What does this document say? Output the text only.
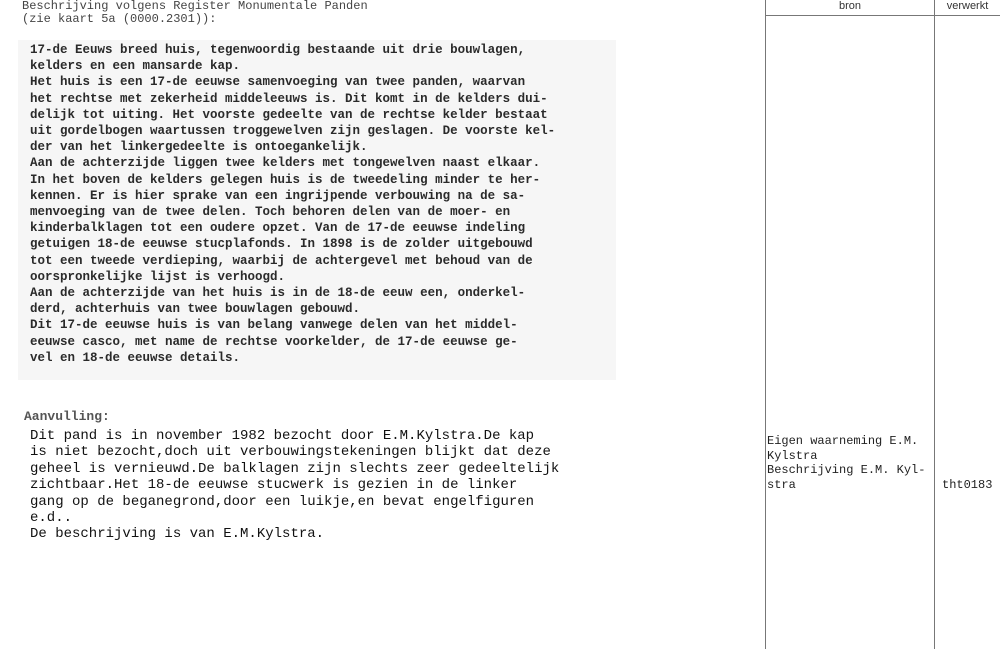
Beschrijving volgens Register Monumentale Panden
(zie kaart 5a (0000.2301)):
17-de Eeuws breed huis, tegenwoordig bestaande uit drie bouwlagen,
kelders en een mansarde kap.
Het huis is een 17-de eeuwse samenvoeging van twee panden, waarvan
het rechtse met zekerheid middeleeuws is. Dit komt in de kelders dui-
delijk tot uiting. Het voorste gedeelte van de rechtse kelder bestaat
uit gordelbogen waartussen troggewelven zijn geslagen. De voorste kel-
der van het linkergedeelte is ontoegankelijk.
Aan de achterzijde liggen twee kelders met tongewelven naast elkaar.
In het boven de kelders gelegen huis is de tweedeling minder te her-
kennen. Er is hier sprake van een ingrijpende verbouwing na de sa-
menvoeging van de twee delen. Toch behoren delen van de moer- en
kinderbalklagen tot een oudere opzet. Van de 17-de eeuwse indeling
getuigen 18-de eeuwse stucplafonds. In 1898 is de zolder uitgebouwd
tot een tweede verdieping, waarbij de achtergevel met behoud van de
oorspronkelijke lijst is verhoogd.
Aan de achterzijde van het huis is in de 18-de eeuw een, onderkel-
derd, achterhuis van twee bouwlagen gebouwd.
Dit 17-de eeuwse huis is van belang vanwege delen van het middel-
eeuwse casco, met name de rechtse voorkelder, de 17-de eeuwse ge-
vel en 18-de eeuwse details.
Aanvulling:
Dit pand is in november 1982 bezocht door E.M.Kylstra.De kap
is niet bezocht,doch uit verbouwingstekeningen blijkt dat deze
geheel is vernieuwd.De balklagen zijn slechts zeer gedeeltelijk
zichtbaar.Het 18-de eeuwse stucwerk is gezien in de linker
gang op de beganegrond,door een luikje,en bevat engelfiguren
e.d..
De beschrijving is van E.M.Kylstra.
bron	verwerkt
Eigen waarneming E.M.
Kylstra
Beschrijving E.M. Kyl-
stra	tht0183
